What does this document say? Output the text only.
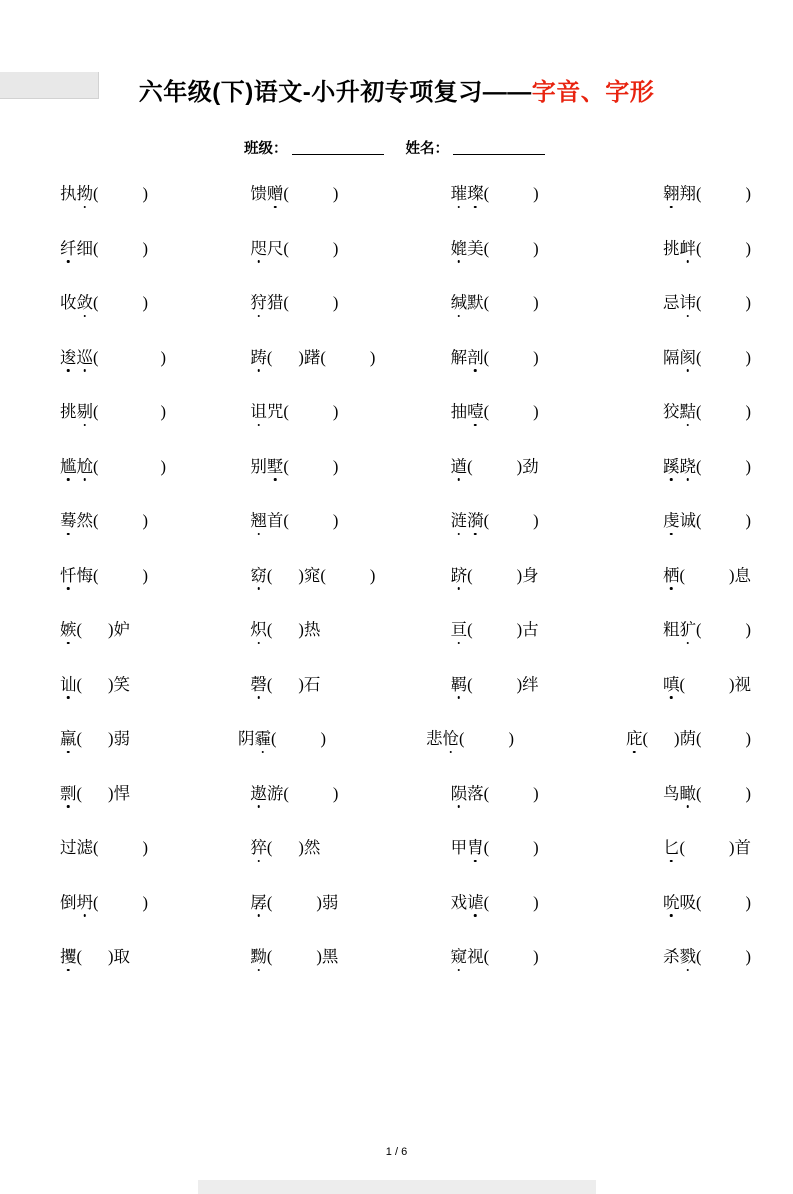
六年级(下)语文-小升初专项复习——字音、字形
班级：	姓名：
执拗(	)	馈赠(	)	璀璨(	)	翱翔(	)
纤细(	)	咫尺(	)	媲美(	)	挑衅(	)
收敛(	)	狩猎(	)	缄默(	)	忌讳(	)
逡巡(	)	踌( )躇(	)	解剖(	)	隔阂(	)
挑剔(	)	诅咒(	)	抽噎(	)	狡黠(	)
尴尬(	)	别墅(	)	遒(	)劲	蹊跷(	)
蓦然(	)	翘首(	)	涟漪(	)	虔诚(	)
忏悔(	)	窈( )窕(	)	跻(	)身	栖(	)息
嫉( )妒	炽( )热	亘(	)古	粗犷(	)
讪( )笑	磬( )石	羁(	)绊	嗔(	)视
羸( )弱	阴霾(	)	悲怆(	)	庇( )荫(	)
剽( )悍	遨游(	)	陨落(	)	鸟瞰(	)
过滤(	)	猝( )然	甲胄(	)	匕(	)首
倒坍(	)	孱(	)弱	戏谑(	)	吮吸(	)
攫( )取	黝(	)黑	窥视(	)	杀戮(	)
1 / 6
